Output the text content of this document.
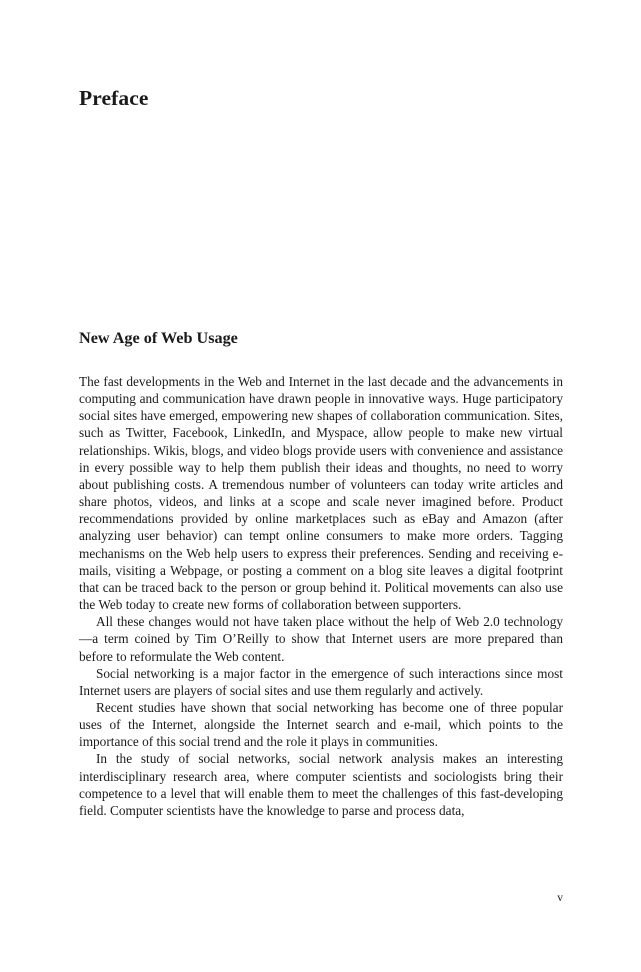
Preface
New Age of Web Usage

The fast developments in the Web and Internet in the last decade and the advancements in computing and communication have drawn people in innovative ways. Huge participatory social sites have emerged, empowering new shapes of collaboration communication. Sites, such as Twitter, Facebook, LinkedIn, and Myspace, allow people to make new virtual relationships. Wikis, blogs, and video blogs provide users with convenience and assistance in every possible way to help them publish their ideas and thoughts, no need to worry about publishing costs. A tremendous number of volunteers can today write articles and share photos, videos, and links at a scope and scale never imagined before. Product recommendations provided by online marketplaces such as eBay and Amazon (after analyzing user behavior) can tempt online consumers to make more orders. Tagging mechanisms on the Web help users to express their preferences. Sending and receiving e-mails, visiting a Webpage, or posting a comment on a blog site leaves a digital footprint that can be traced back to the person or group behind it. Political movements can also use the Web today to create new forms of collaboration between supporters.

All these changes would not have taken place without the help of Web 2.0 technology—a term coined by Tim O’Reilly to show that Internet users are more prepared than before to reformulate the Web content.

Social networking is a major factor in the emergence of such interactions since most Internet users are players of social sites and use them regularly and actively.

Recent studies have shown that social networking has become one of three popular uses of the Internet, alongside the Internet search and e-mail, which points to the importance of this social trend and the role it plays in communities.

In the study of social networks, social network analysis makes an interesting interdisciplinary research area, where computer scientists and sociologists bring their competence to a level that will enable them to meet the challenges of this fast-developing field. Computer scientists have the knowledge to parse and process data,

v
